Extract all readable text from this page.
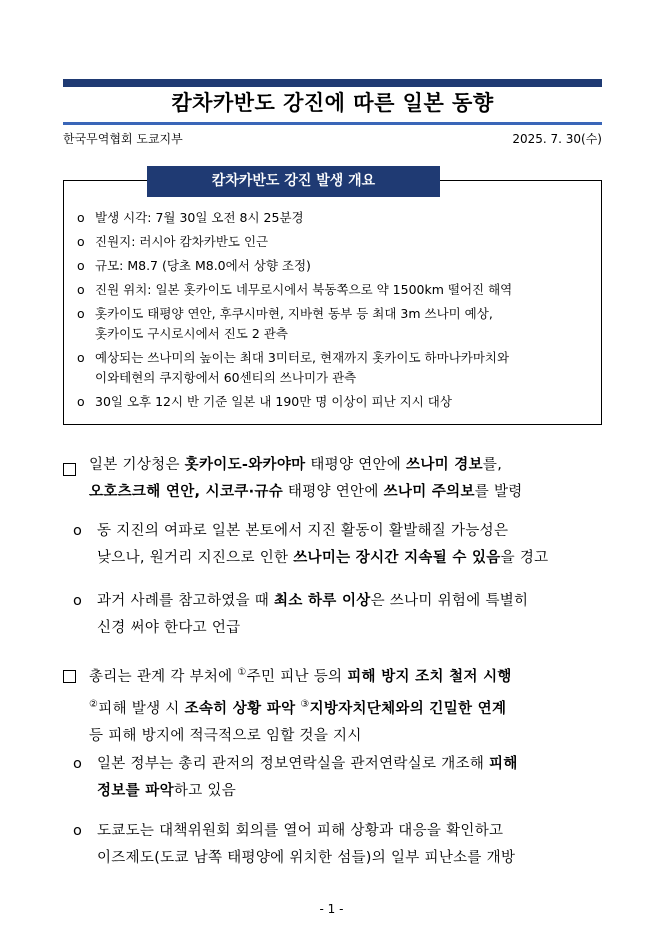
캄차카반도 강진에 따른 일본 동향
한국무역협회 도쿄지부	2025. 7. 30(수)
캄차카반도 강진 발생 개요
o 발생 시각: 7월 30일 오전 8시 25분경
o 진원지: 러시아 캄차카반도 인근
o 규모: M8.7 (당초 M8.0에서 상향 조정)
o 진원 위치: 일본 홋카이도 네무로시에서 북동쪽으로 약 1500km 떨어진 해역
o 홋카이도 태평양 연안, 후쿠시마현, 지바현 동부 등 최대 3m 쓰나미 예상,
홋카이도 구시로시에서 진도 2 관측
o 예상되는 쓰나미의 높이는 최대 3미터로, 현재까지 홋카이도 하마나카마치와
이와테현의 쿠지항에서 60센티의 쓰나미가 관측
o 30일 오후 12시 반 기준 일본 내 190만 명 이상이 피난 지시 대상
일본 기상청은 홋카이도-와카야마 태평양 연안에 쓰나미 경보를,
오호츠크해 연안, 시코쿠·규슈 태평양 연안에 쓰나미 주의보를 발령
o 동 지진의 여파로 일본 본토에서 지진 활동이 활발해질 가능성은
낮으나, 원거리 지진으로 인한 쓰나미는 장시간 지속될 수 있음을 경고
o 과거 사례를 참고하였을 때 최소 하루 이상은 쓰나미 위험에 특별히
신경 써야 한다고 언급
총리는 관계 각 부처에 ①주민 피난 등의 피해 방지 조치 철저 시행
②피해 발생 시 조속히 상황 파악 ③지방자치단체와의 긴밀한 연계
등 피해 방지에 적극적으로 임할 것을 지시
o 일본 정부는 총리 관저의 정보연락실을 관저연락실로 개조해 피해
정보를 파악하고 있음
o 도쿄도는 대책위원회 회의를 열어 피해 상황과 대응을 확인하고
이즈제도(도쿄 남쪽 태평양에 위치한 섬들)의 일부 피난소를 개방
- 1 -
